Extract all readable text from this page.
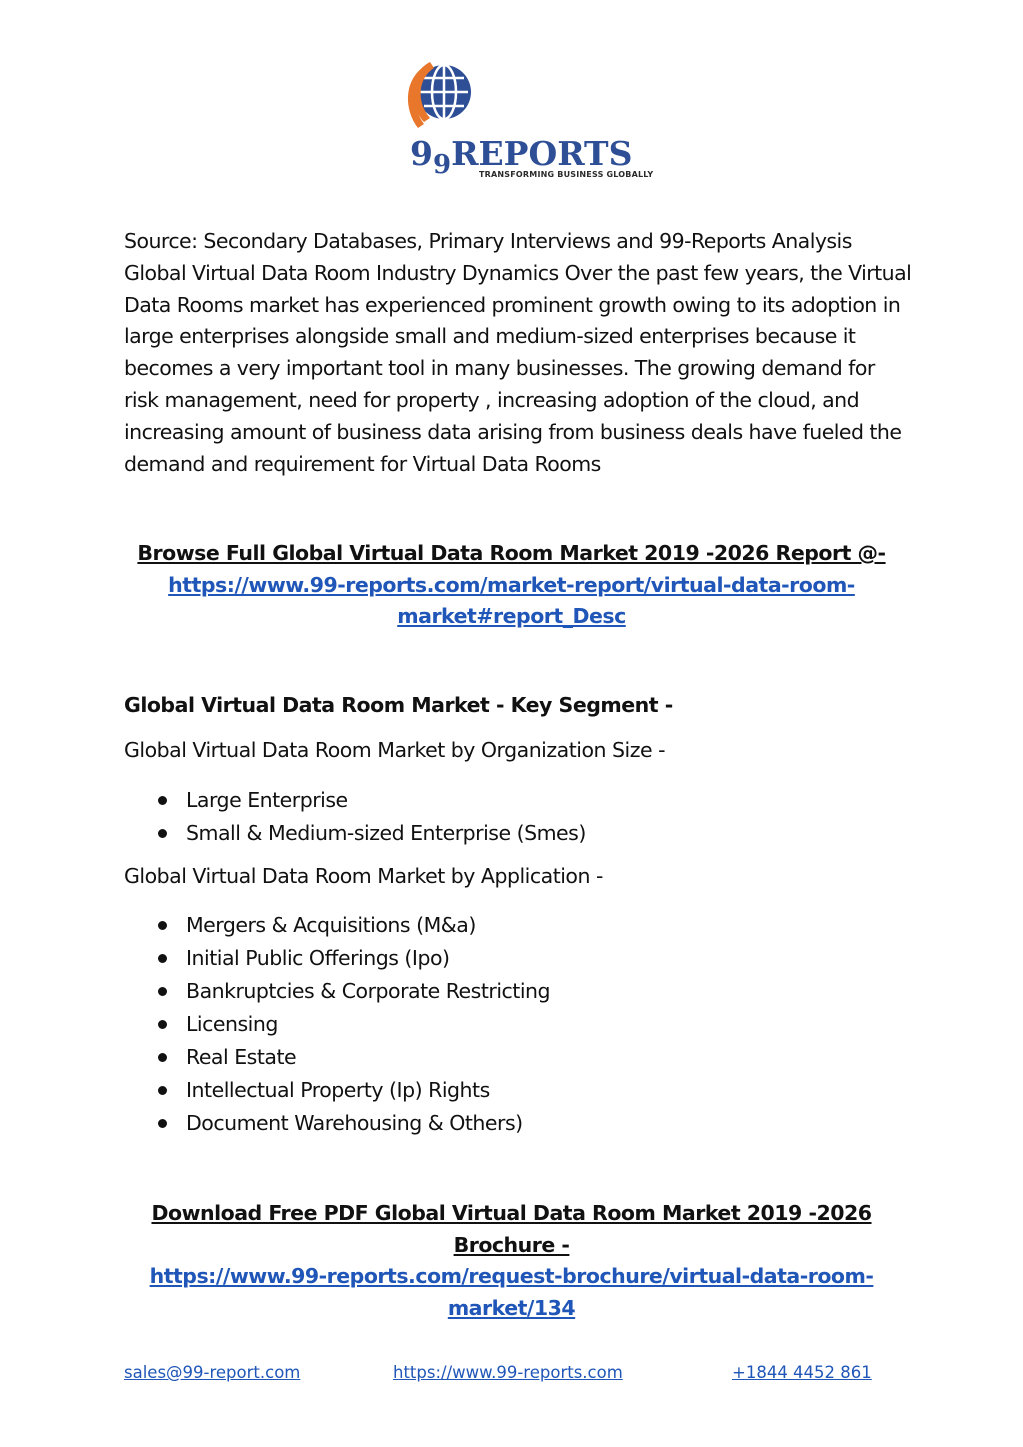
$9_9REPORTS$
TRANSFORMING BUSINESS GLOBALLY

Source: Secondary Databases, Primary Interviews and 99-Reports Analysis Global Virtual Data Room Industry Dynamics Over the past few years, the Virtual Data Rooms market has experienced prominent growth owing to its adoption in large enterprises alongside small and medium-sized enterprises because it becomes a very important tool in many businesses. The growing demand for risk management, need for property , increasing adoption of the cloud, and increasing amount of business data arising from business deals have fueled the demand and requirement for Virtual Data Rooms

Browse Full Global Virtual Data Room Market 2019 -2026 Report @-
https://www.99-reports.com/market-report/virtual-data-room-
market#report_Desc

Global Virtual Data Room Market - Key Segment -

Global Virtual Data Room Market by Organization Size -

Large Enterprise
Small & Medium-sized Enterprise (Smes)

Global Virtual Data Room Market by Application -

Mergers & Acquisitions (M&a)
Initial Public Offerings (Ipo)
Bankruptcies & Corporate Restricting
Licensing
Real Estate
Intellectual Property (Ip) Rights
Document Warehousing & Others)
Download Free PDF Global Virtual Data Room Market 2019 -2026 Brochure -
https://www.99-reports.com/request-brochure/virtual-data-room-
market/134
sales@99-report.com	https://www.99-reports.com	+1844 4452 861
